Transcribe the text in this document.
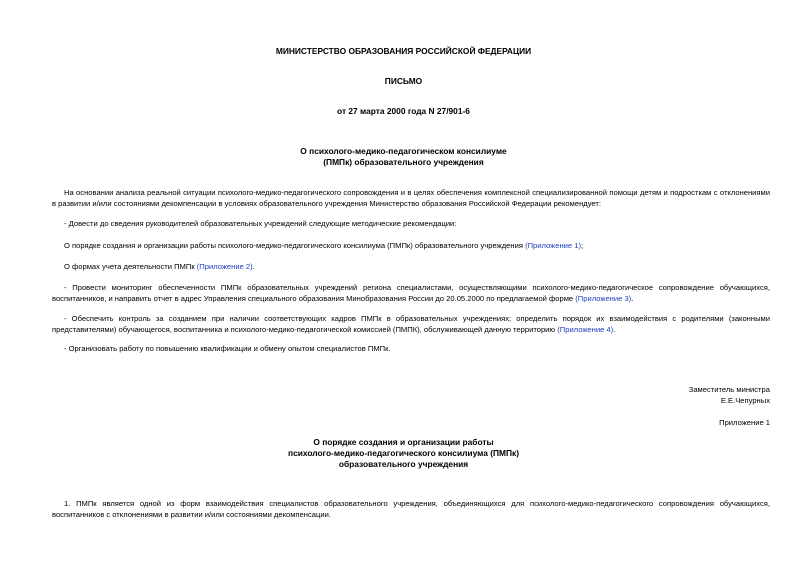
МИНИСТЕРСТВО ОБРАЗОВАНИЯ РОССИЙСКОЙ ФЕДЕРАЦИИ
ПИСЬМО
от 27 марта 2000 года N 27/901-6
О психолого-медико-педагогическом консилиуме
(ПМПк) образовательного учреждения
На основании анализа реальной ситуации психолого-медико-педагогического сопровождения и в целях обеспечения комплексной специализированной помощи детям и подросткам с отклонениями в развитии и/или состояниями декомпенсации в условиях образовательного учреждения Министерство образования Российской Федерации рекомендует:
- Довести до сведения руководителей образовательных учреждений следующие методические рекомендации:
О порядке создания и организации работы психолого-медико-педагогического консилиума (ПМПк) образовательного учреждения (Приложение 1);
О формах учета деятельности ПМПк (Приложение 2).
- Провести мониторинг обеспеченности ПМПк образовательных учреждений региона специалистами, осуществляющими психолого-медико-педагогическое сопровождение обучающихся, воспитанников, и направить отчет в адрес Управления специального образования Минобразования России до 20.05.2000 по предлагаемой форме (Приложение 3).
- Обеспечить контроль за созданием при наличии соответствующих кадров ПМПк в образовательных учреждениях; определить порядок их взаимодействия с родителями (законными представителями) обучающегося, воспитанника и психолого-медико-педагогической комиссией (ПМПК), обслуживающей данную территорию (Приложение 4).
- Организовать работу по повышению квалификации и обмену опытом специалистов ПМПк.
Заместитель министра
Е.Е.Чепурных
Приложение 1
О порядке создания и организации работы
психолого-медико-педагогического консилиума (ПМПк)
образовательного учреждения
1. ПМПк является одной из форм взаимодействия специалистов образовательного учреждения, объединяющихся для психолого-медико-педагогического сопровождения обучающихся, воспитанников с отклонениями в развитии и/или состояниями декомпенсации.
